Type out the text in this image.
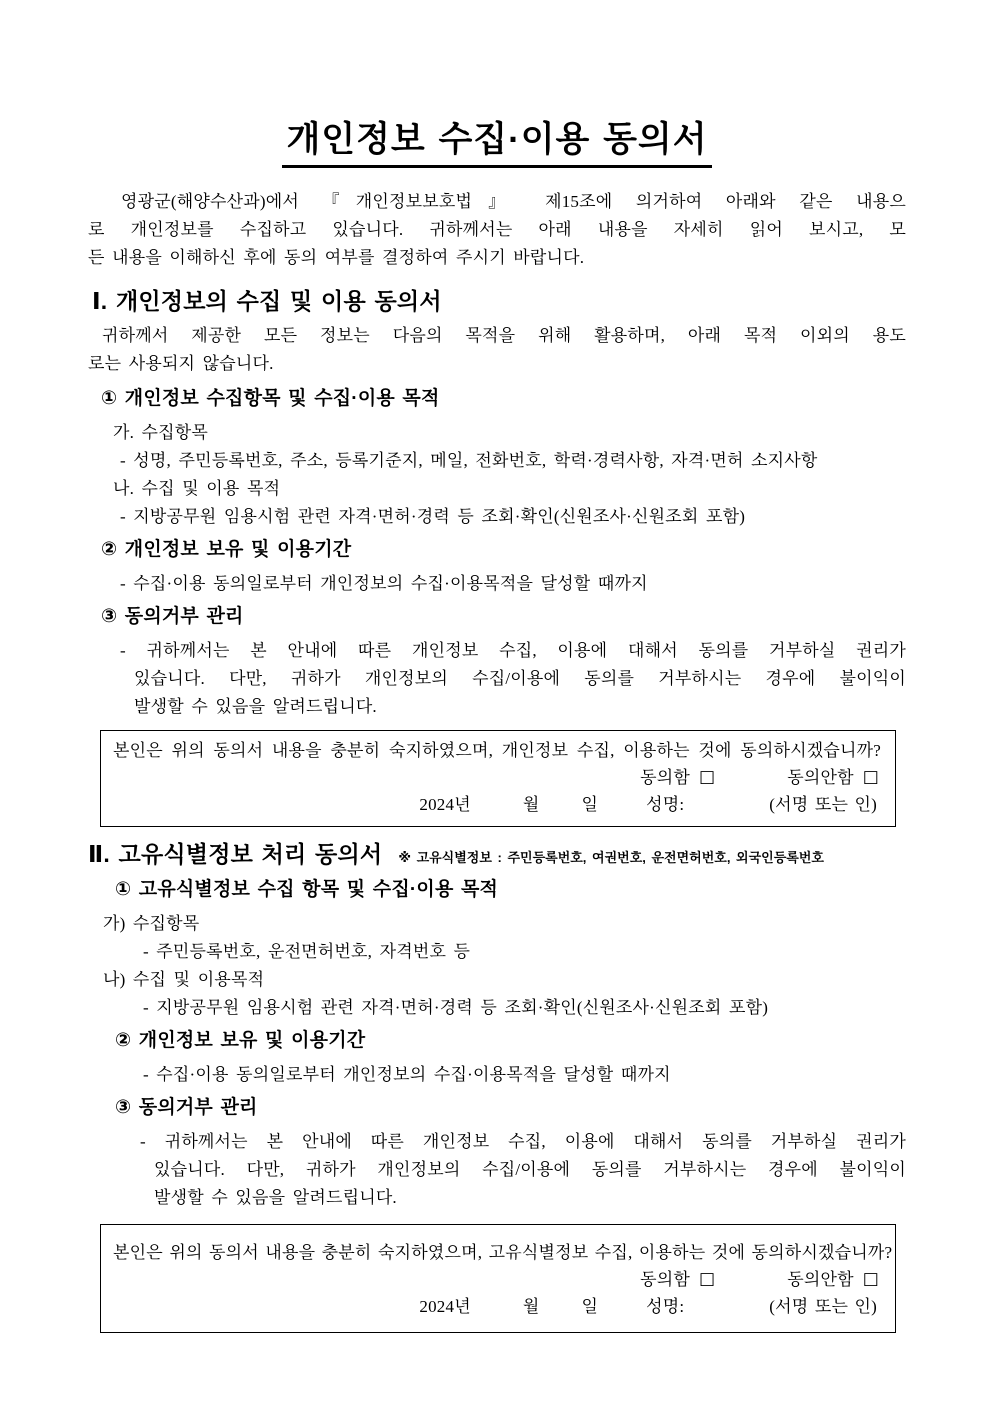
개인정보 수집·이용 동의서
영광군(해양수산과)에서 『개인정보보호법』 제15조에 의거하여 아래와 같은 내용으
로 개인정보를 수집하고 있습니다. 귀하께서는 아래 내용을 자세히 읽어 보시고, 모
든 내용을 이해하신 후에 동의 여부를 결정하여 주시기 바랍니다.
Ⅰ. 개인정보의 수집 및 이용 동의서
귀하께서 제공한 모든 정보는 다음의 목적을 위해 활용하며, 아래 목적 이외의 용도
로는 사용되지 않습니다.
① 개인정보 수집항목 및 수집·이용 목적
가. 수집항목
- 성명, 주민등록번호, 주소, 등록기준지, 메일, 전화번호, 학력·경력사항, 자격·면허 소지사항
나. 수집 및 이용 목적
- 지방공무원 임용시험 관련 자격·면허·경력 등 조회·확인(신원조사·신원조회 포함)
② 개인정보 보유 및 이용기간
- 수집·이용 동의일로부터 개인정보의 수집·이용목적을 달성할 때까지
③ 동의거부 관리
- 귀하께서는 본 안내에 따른 개인정보 수집, 이용에 대해서 동의를 거부하실 권리가
있습니다. 다만, 귀하가 개인정보의 수집/이용에 동의를 거부하시는 경우에 불이익이
발생할 수 있음을 알려드립니다.
본인은 위의 동의서 내용을 충분히 숙지하였으며, 개인정보 수집, 이용하는 것에 동의하시겠습니까?
동의함 □	동의안함 □
2024년	월 일	성명:	(서명 또는 인)
Ⅱ. 고유식별정보 처리 동의서 ※ 고유식별정보 : 주민등록번호, 여권번호, 운전면허번호, 외국인등록번호
① 고유식별정보 수집 항목 및 수집·이용 목적
가) 수집항목
- 주민등록번호, 운전면허번호, 자격번호 등
나) 수집 및 이용목적
- 지방공무원 임용시험 관련 자격·면허·경력 등 조회·확인(신원조사·신원조회 포함)
② 개인정보 보유 및 이용기간
- 수집·이용 동의일로부터 개인정보의 수집·이용목적을 달성할 때까지
③ 동의거부 관리
- 귀하께서는 본 안내에 따른 개인정보 수집, 이용에 대해서 동의를 거부하실 권리가
있습니다. 다만, 귀하가 개인정보의 수집/이용에 동의를 거부하시는 경우에 불이익이
발생할 수 있음을 알려드립니다.
본인은 위의 동의서 내용을 충분히 숙지하였으며, 고유식별정보 수집, 이용하는 것에 동의하시겠습니까?
동의함 □	동의안함 □
2024년	월 일	성명:	(서명 또는 인)
